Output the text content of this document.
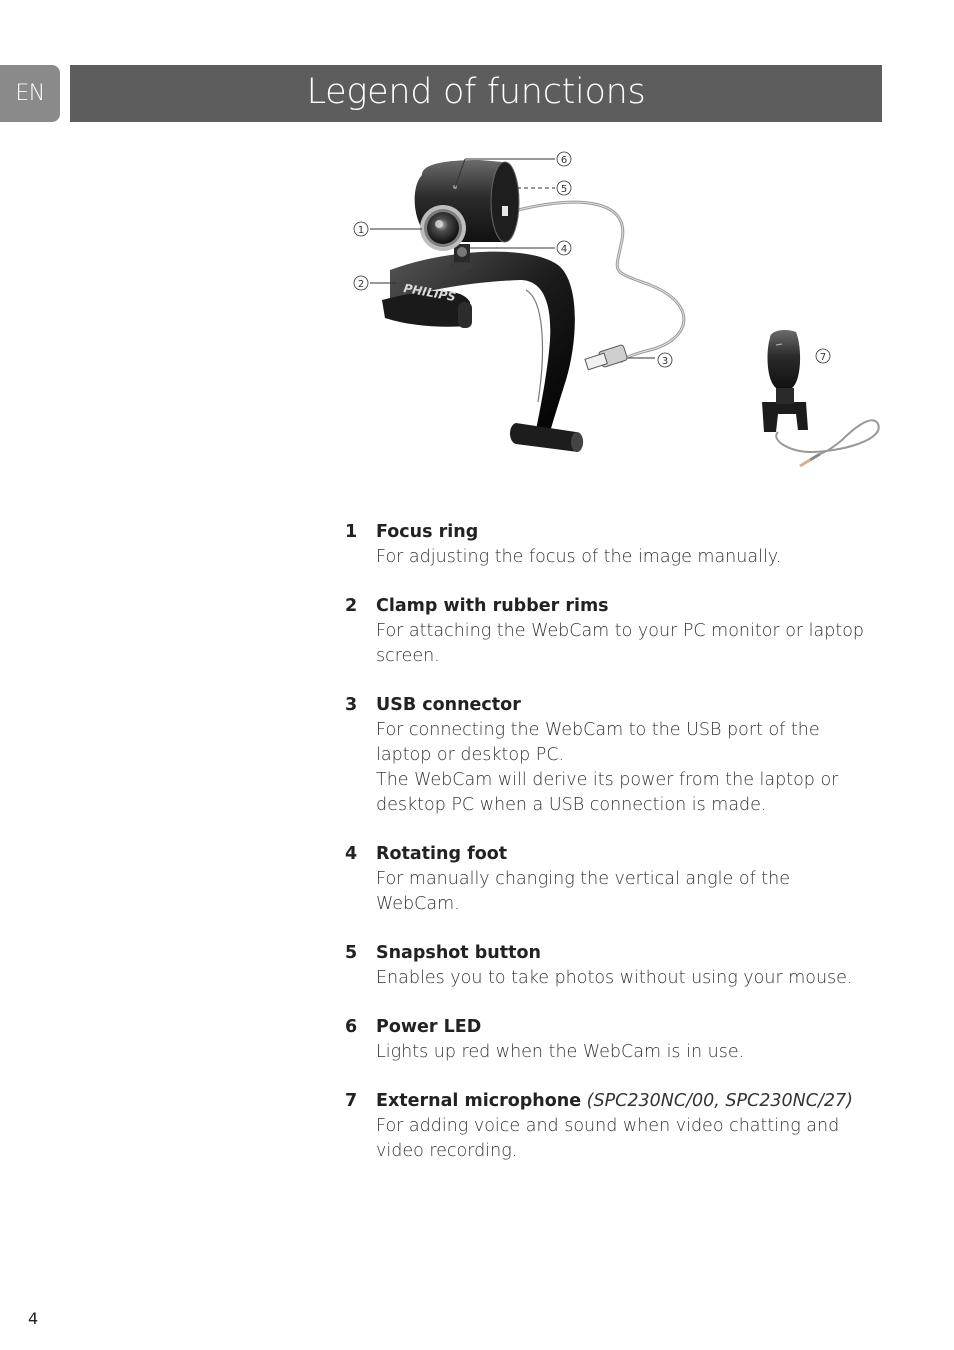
EN	Legend of functions
PHILIPS
6
5
1
4
2
3	7
1 Focus ring
For adjusting the focus of the image manually.
2 Clamp with rubber rims
For attaching the WebCam to your PC monitor or laptop screen.
3 USB connector
For connecting the WebCam to the USB port of the laptop or desktop PC.
The WebCam will derive its power from the laptop or desktop PC when a USB connection is made.
4 Rotating foot
For manually changing the vertical angle of the WebCam.
5 Snapshot button
Enables you to take photos without using your mouse.
6 Power LED
Lights up red when the WebCam is in use.
7 External microphone (SPC230NC/00, SPC230NC/27)
For adding voice and sound when video chatting and video recording.
4
